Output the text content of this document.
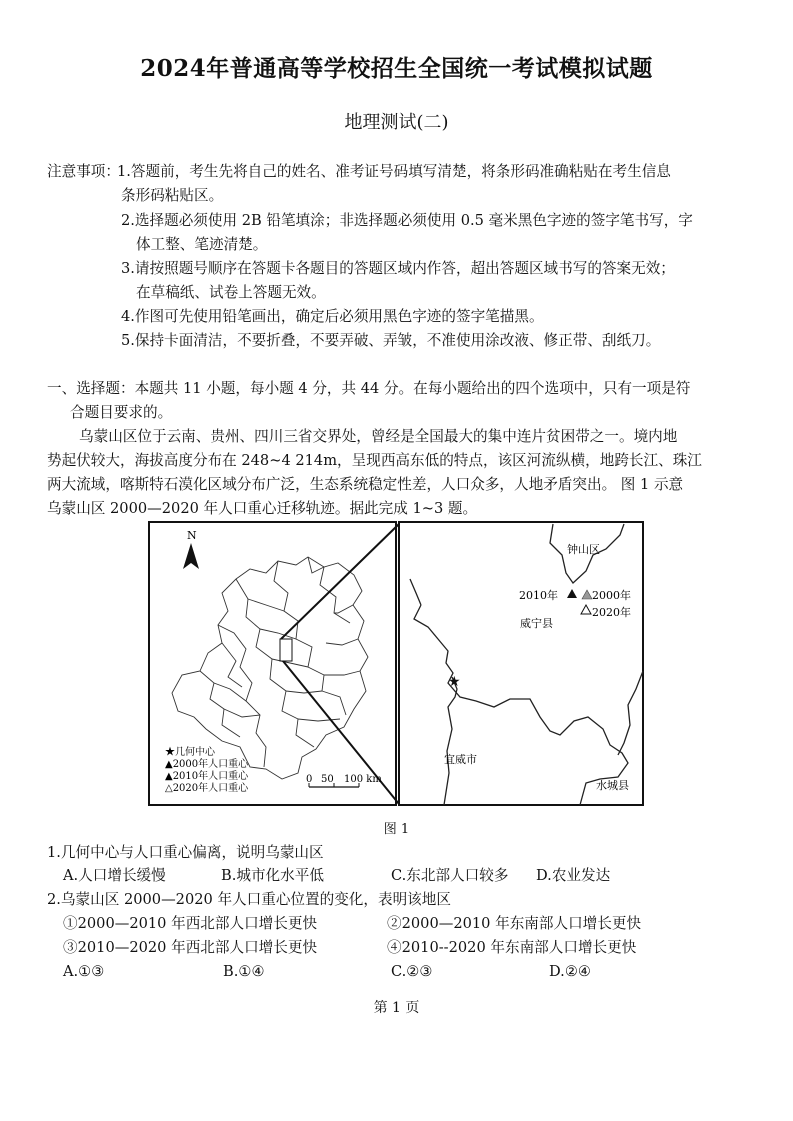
2024年普通高等学校招生全国统一考试模拟试题
地理测试(二)
注意事项：
1.答题前，考生先将自己的姓名、准考证号码填写清楚，将条形码准确粘贴在考生信息
条形码粘贴区。
2.选择题必须使用 2B 铅笔填涂；非选择题必须使用 0.5 毫米黑色字迹的签字笔书写，字
体工整、笔迹清楚。
3.请按照题号顺序在答题卡各题目的答题区域内作答，超出答题区域书写的答案无效；
在草稿纸、试卷上答题无效。
4.作图可先使用铅笔画出，确定后必须用黑色字迹的签字笔描黑。
5.保持卡面清洁，不要折叠，不要弄破、弄皱，不准使用涂改液、修正带、刮纸刀。
一、选择题：本题共 11 小题，每小题 4 分，共 44 分。在每小题给出的四个选项中，只有一项是符
合题目要求的。
乌蒙山区位于云南、贵州、四川三省交界处，曾经是全国最大的集中连片贫困带之一。境内地
势起伏较大，海拔高度分布在 248~4 214m，呈现西高东低的特点，该区河流纵横，地跨长江、珠江
两大流域，喀斯特石漠化区域分布广泛，生态系统稳定性差，人口众多，人地矛盾突出。 图 1 示意
乌蒙山区 2000—2020 年人口重心迁移轨迹。据此完成 1~3 题。
N
★几何中心
▲2000年人口重心
▲2010年人口重心
△2020年人口重心
0 50 100 km
钟山区
2010年	2000年
2020年
威宁县
宜威市
水城县
★
图 1
1.几何中心与人口重心偏离，说明乌蒙山区
A.人口增长缓慢	B.城市化水平低	C.东北部人口较多 D.农业发达
2.乌蒙山区 2000—2020 年人口重心位置的变化，表明该地区
①2000—2010 年西北部人口增长更快	②2000—2010 年东南部人口增长更快
③2010—2020 年西北部人口增长更快	④2010--2020 年东南部人口增长更快
A.①③	B.①④	C.②③	D.②④
第 1 页
